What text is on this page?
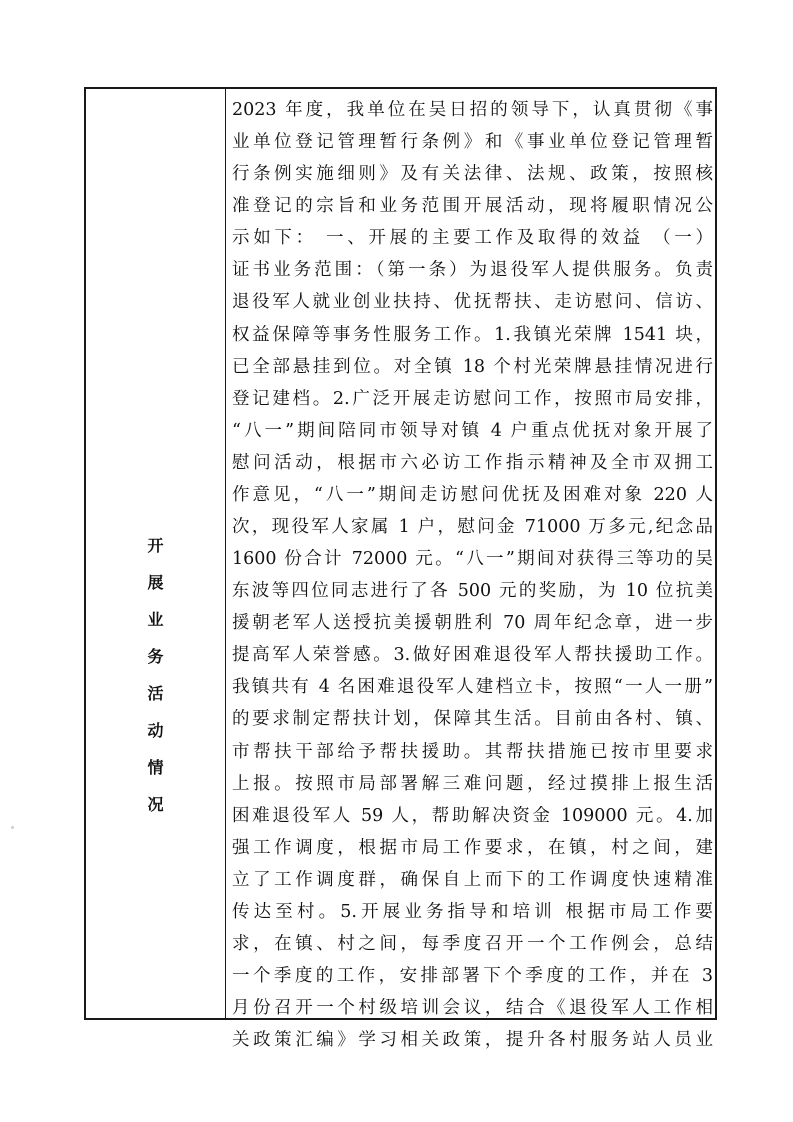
开
展
业
务
活
动
情
况
2023 年度，我单位在吴日招的领导下，认真贯彻《事
业单位登记管理暂行条例》和《事业单位登记管理暂
行条例实施细则》及有关法律、法规、政策，按照核
准登记的宗旨和业务范围开展活动，现将履职情况公
示如下： 一、开展的主要工作及取得的效益 （一）
证书业务范围：（第一条）为退役军人提供服务。负责
退役军人就业创业扶持、优抚帮扶、走访慰问、信访、
权益保障等事务性服务工作。1.我镇光荣牌 1541 块，
已全部悬挂到位。对全镇 18 个村光荣牌悬挂情况进行
登记建档。2.广泛开展走访慰问工作，按照市局安排，
“八一”期间陪同市领导对镇 4 户重点优抚对象开展了
慰问活动，根据市六必访工作指示精神及全市双拥工
作意见，“八一”期间走访慰问优抚及困难对象 220 人
次，现役军人家属 1 户，慰问金 71000 万多元,纪念品
1600 份合计 72000 元。“八一”期间对获得三等功的吴
东波等四位同志进行了各 500 元的奖励，为 10 位抗美
援朝老军人送授抗美援朝胜利 70 周年纪念章，进一步
提高军人荣誉感。3.做好困难退役军人帮扶援助工作。
我镇共有 4 名困难退役军人建档立卡，按照“一人一册”
的要求制定帮扶计划，保障其生活。目前由各村、镇、
市帮扶干部给予帮扶援助。其帮扶措施已按市里要求
上报。按照市局部署解三难问题，经过摸排上报生活
困难退役军人 59 人，帮助解决资金 109000 元。4.加
强工作调度，根据市局工作要求，在镇，村之间，建
立了工作调度群，确保自上而下的工作调度快速精准
传达至村。5.开展业务指导和培训 根据市局工作要
求，在镇、村之间，每季度召开一个工作例会，总结
一个季度的工作，安排部署下个季度的工作，并在 3
月份召开一个村级培训会议，结合《退役军人工作相
关政策汇编》学习相关政策，提升各村服务站人员业
